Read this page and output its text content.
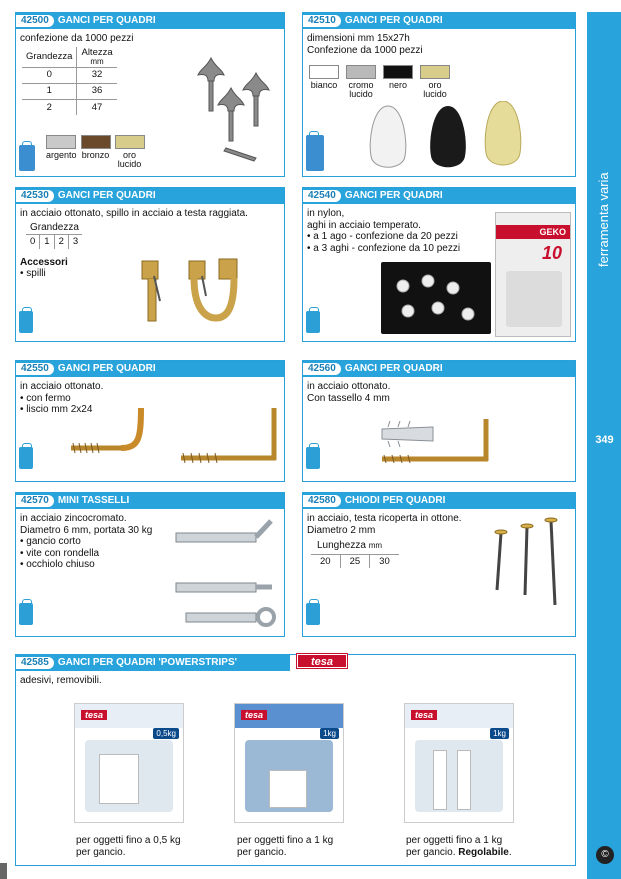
ferramenta varia
349
©
42500 GANCI PER QUADRI
confezione da 1000 pezzi
Grandezza	Altezza
mm
0	32
1	36
2	47
argento bronzo	oro lucido
42510 GANCI PER QUADRI
dimensioni mm 15x27h
Confezione da 1000 pezzi
bianco	cromo lucido
nero	oro lucido
42530 GANCI PER QUADRI
in acciaio ottonato, spillo in acciaio a testa raggiata.
Grandezza
0	1	2	3
Accessori
• spilli
42540 GANCI PER QUADRI
in nylon,
aghi in acciaio temperato.
• a 1 ago - confezione da 20 pezzi
• a 3 aghi - confezione da 10 pezzi
GEKO
10
42550 GANCI PER QUADRI
in acciaio ottonato.
• con fermo
• liscio mm 2x24
42560 GANCI PER QUADRI
in acciaio ottonato.
Con tassello 4 mm
42570 MINI TASSELLI
in acciaio zincocromato.
Diametro 6 mm, portata 30 kg
• gancio corto
• vite con rondella
• occhiolo chiuso
42580 CHIODI PER QUADRI
in acciaio, testa ricoperta in ottone.
Diametro 2 mm
Lunghezza mm
20	25	30
42585 GANCI PER QUADRI 'POWERSTRIPS'
adesivi, removibili.
tesa
0,5kg
tesa
1kg
tesa
1kg
per oggetti fino a 0,5 kg
per gancio.
per oggetti fino a 1 kg
per gancio.
per oggetti fino a 1 kg
per gancio. Regolabile.
tesa
